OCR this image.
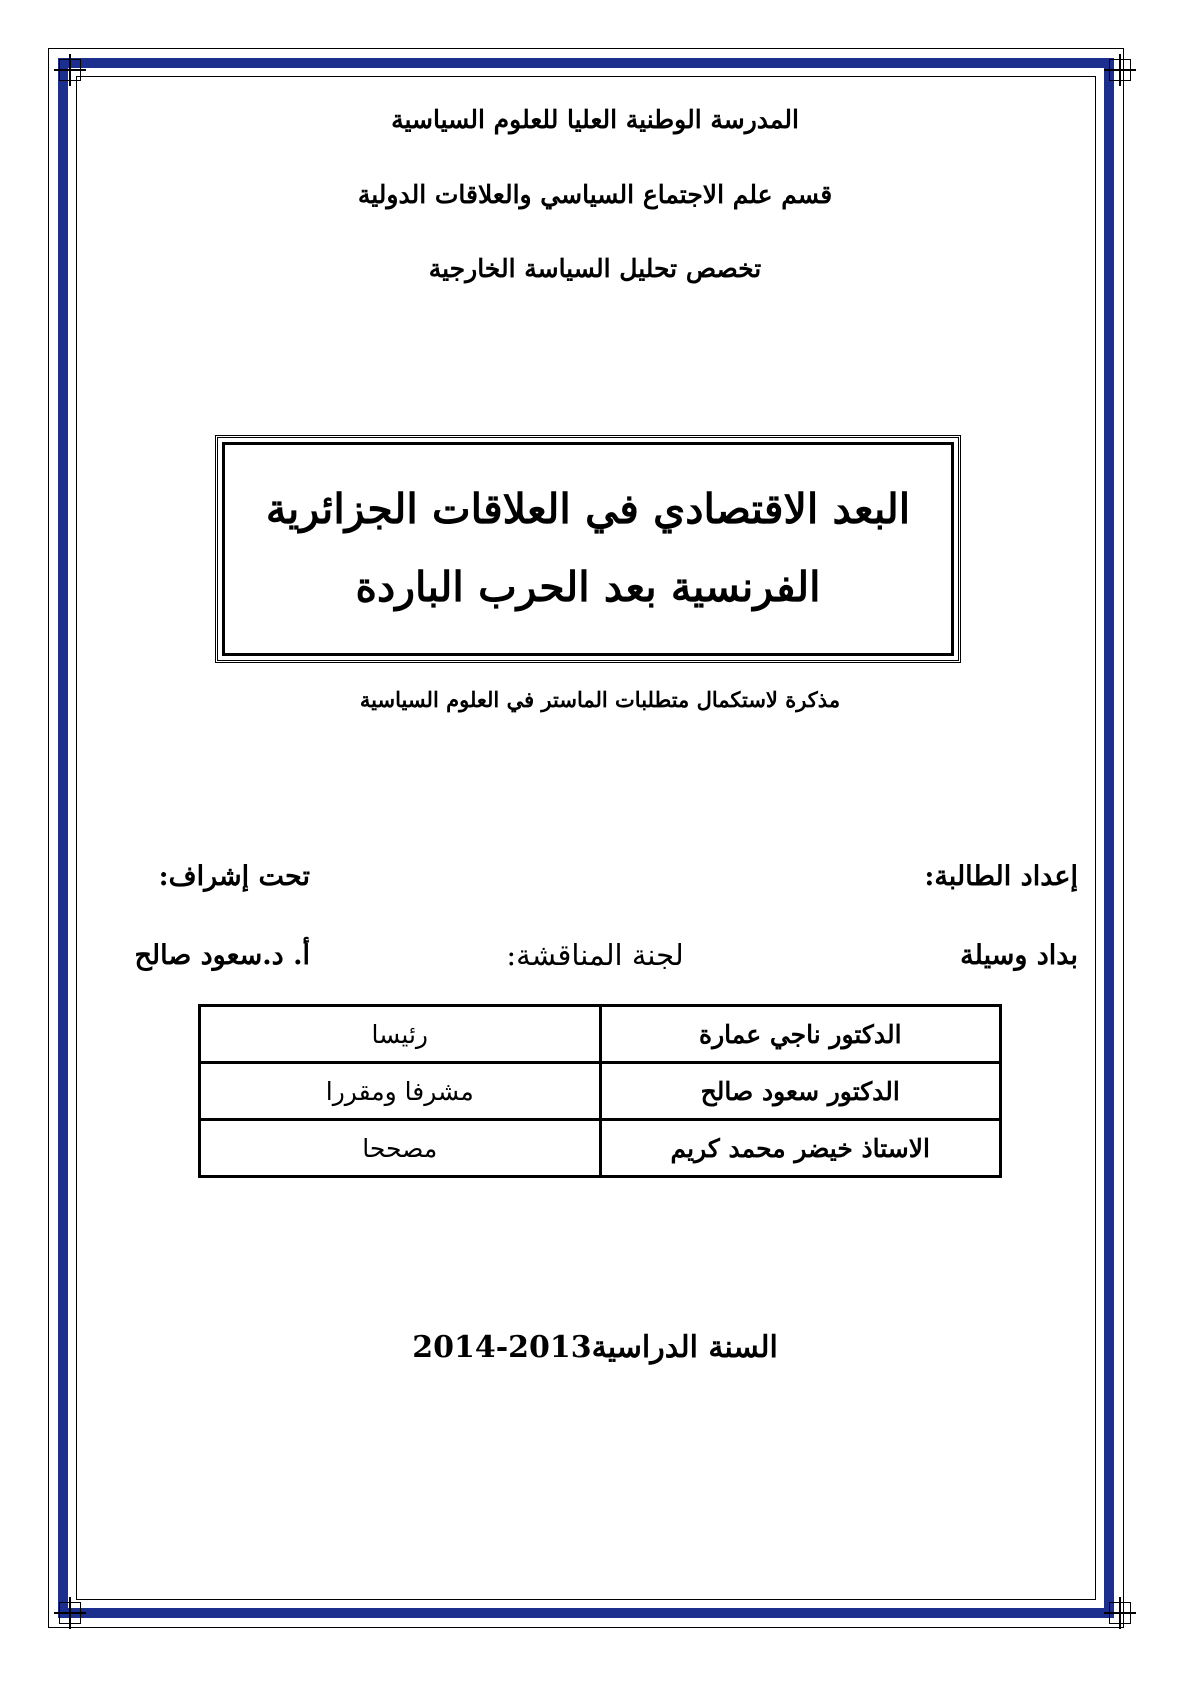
المدرسة الوطنية العليا للعلوم السياسية
قسم علم الاجتماع السياسي والعلاقات الدولية
تخصص تحليل السياسة الخارجية
البعد الاقتصادي في العلاقات الجزائرية
الفرنسية بعد الحرب الباردة
مذكرة لاستكمال متطلبات الماستر في العلوم السياسية
إعداد الطالبة:
بداد وسيلة
تحت إشراف:
أ. د.سعود صالح	لجنة المناقشة:
الدكتور ناجي عمارة	رئيسا
الدكتور سعود صالح	مشرفا ومقررا
الاستاذ خيضر محمد كريم	مصححا
السنة الدراسية2013-2014
